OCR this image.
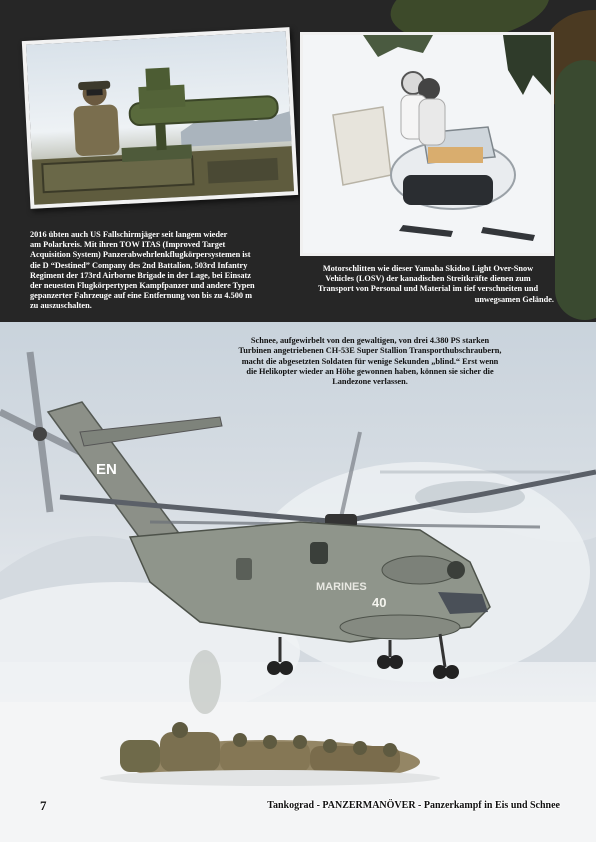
2016 übten auch US Fallschirmjäger seit langem wieder
am Polarkreis. Mit ihren TOW ITAS (Improved Target
Acquisition System) Panzerabwehrlenkflugkörpersystemen ist
die D “Destined” Company des 2nd Battalion, 503rd Infantry
Regiment der 173rd Airborne Brigade in der Lage, bei Einsatz
der neuesten Flugkörpertypen Kampfpanzer und andere Typen
gepanzerter Fahrzeuge auf eine Entfernung von bis zu 4.500 m
zu auszuschalten.
Motorschlitten wie dieser Yamaha Skidoo Light Over-Snow
Vehicles (LOSV) der kanadischen Streitkräfte dienen zum
Transport von Personal und Material im tief verschneiten und
unwegsamen Gelände.
EN
MARINES
40
Schnee, aufgewirbelt von den gewaltigen, von drei 4.380 PS starken
Turbinen angetriebenen CH-53E Super Stallion Transporthubschraubern,
macht die abgesetzten Soldaten für wenige Sekunden „blind.“ Erst wenn
die Helikopter wieder an Höhe gewonnen haben, können sie sicher die
Landezone verlassen.
7	Tankograd - PANZERMANÖVER - Panzerkampf in Eis und Schnee
